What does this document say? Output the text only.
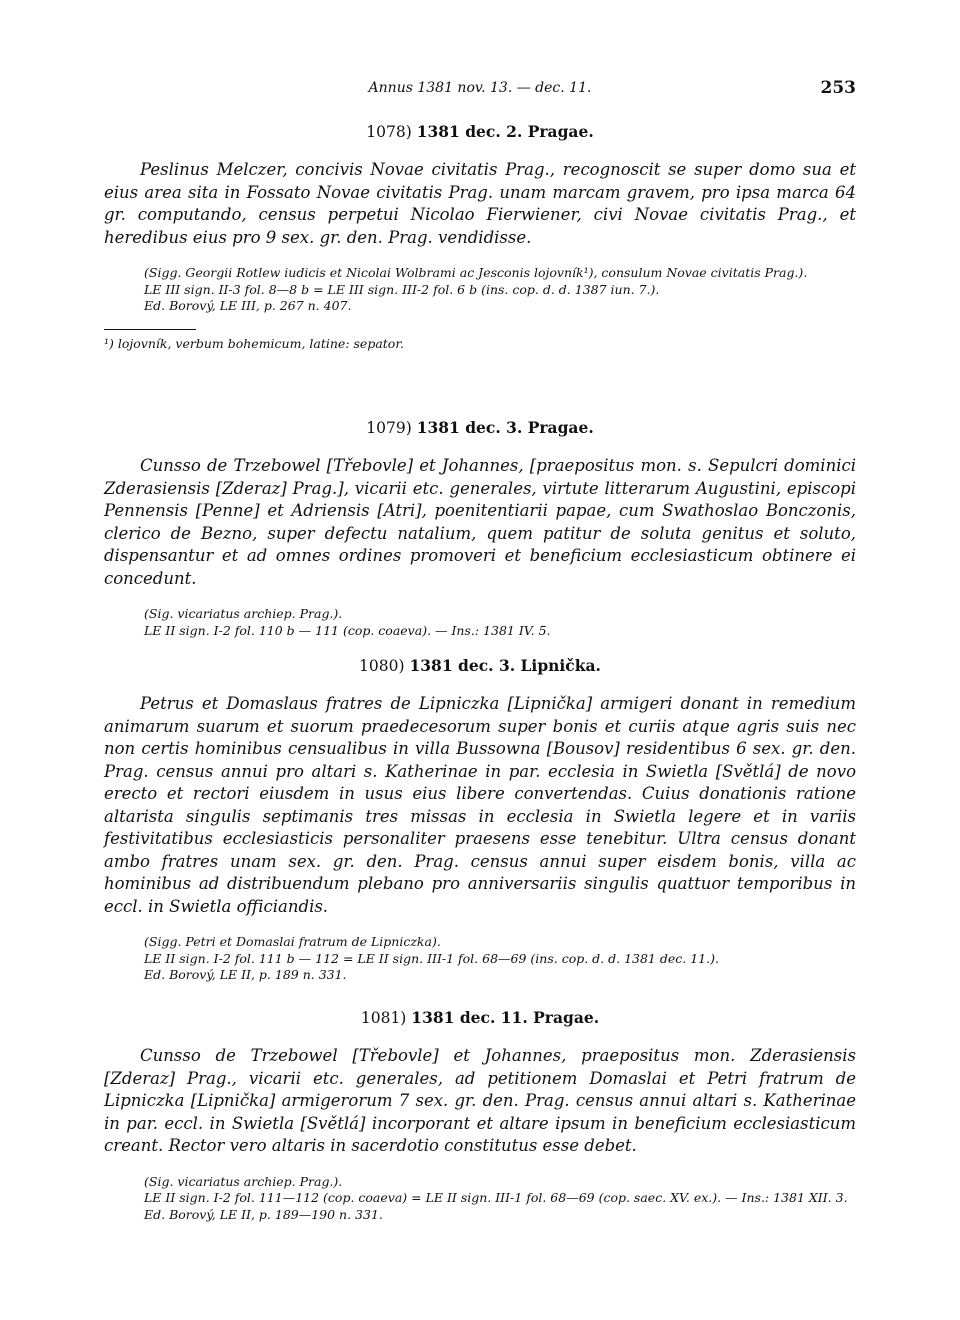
Annus 1381 nov. 13. — dec. 11.	253

1078) 1381 dec. 2. Pragae.

Peslinus Melczer, concivis Novae civitatis Prag., recognoscit se super domo sua et eius area sita in Fossato Novae civitatis Prag. unam marcam gravem, pro ipsa marca 64 gr. computando, census perpetui Nicolao Fierwiener, civi Novae civitatis Prag., et heredibus eius pro 9 sex. gr. den. Prag. vendidisse.

(Sigg. Georgii Rotlew iudicis et Nicolai Wolbrami ac Jesconis lojovník¹), consulum Novae civitatis Prag.).
LE III sign. II-3 fol. 8—8 b = LE III sign. III-2 fol. 6 b (ins. cop. d. d. 1387 iun. 7.).
Ed. Borový, LE III, p. 267 n. 407.

¹) lojovník, verbum bohemicum, latine: sepator.

1079) 1381 dec. 3. Pragae.

Cunsso de Trzebowel [Třebovle] et Johannes, [praepositus mon. s. Sepulcri dominici Zderasiensis [Zderaz] Prag.], vicarii etc. generales, virtute litterarum Augustini, episcopi Pennensis [Penne] et Adriensis [Atri], poenitentiarii papae, cum Swathoslao Bonczonis, clerico de Bezno, super defectu natalium, quem patitur de soluta genitus et soluto, dispensantur et ad omnes ordines promoveri et beneficium ecclesiasticum obtinere ei concedunt.

(Sig. vicariatus archiep. Prag.).
LE II sign. I-2 fol. 110 b — 111 (cop. coaeva). — Ins.: 1381 IV. 5.

1080) 1381 dec. 3. Lipnička.

Petrus et Domaslaus fratres de Lipniczka [Lipnička] armigeri donant in remedium animarum suarum et suorum praedecesorum super bonis et curiis atque agris suis nec non certis hominibus censualibus in villa Bussowna [Bousov] residentibus 6 sex. gr. den. Prag. census annui pro altari s. Katherinae in par. ecclesia in Swietla [Světlá] de novo erecto et rectori eiusdem in usus eius libere convertendas. Cuius donationis ratione altarista singulis septimanis tres missas in ecclesia in Swietla legere et in variis festivitatibus ecclesiasticis personaliter praesens esse tenebitur. Ultra census donant ambo fratres unam sex. gr. den. Prag. census annui super eisdem bonis, villa ac hominibus ad distribuendum plebano pro anniversariis singulis quattuor temporibus in eccl. in Swietla officiandis.

(Sigg. Petri et Domaslai fratrum de Lipniczka).
LE II sign. I-2 fol. 111 b — 112 = LE II sign. III-1 fol. 68—69 (ins. cop. d. d. 1381 dec. 11.).
Ed. Borový, LE II, p. 189 n. 331.

1081) 1381 dec. 11. Pragae.

Cunsso de Trzebowel [Třebovle] et Johannes, praepositus mon. Zderasiensis [Zderaz] Prag., vicarii etc. generales, ad petitionem Domaslai et Petri fratrum de Lipniczka [Lipnička] armigerorum 7 sex. gr. den. Prag. census annui altari s. Katherinae in par. eccl. in Swietla [Světlá] incorporant et altare ipsum in beneficium ecclesiasticum creant. Rector vero altaris in sacerdotio constitutus esse debet.

(Sig. vicariatus archiep. Prag.).
LE II sign. I-2 fol. 111—112 (cop. coaeva) = LE II sign. III-1 fol. 68—69 (cop. saec. XV. ex.). — Ins.: 1381 XII. 3.
Ed. Borový, LE II, p. 189—190 n. 331.
